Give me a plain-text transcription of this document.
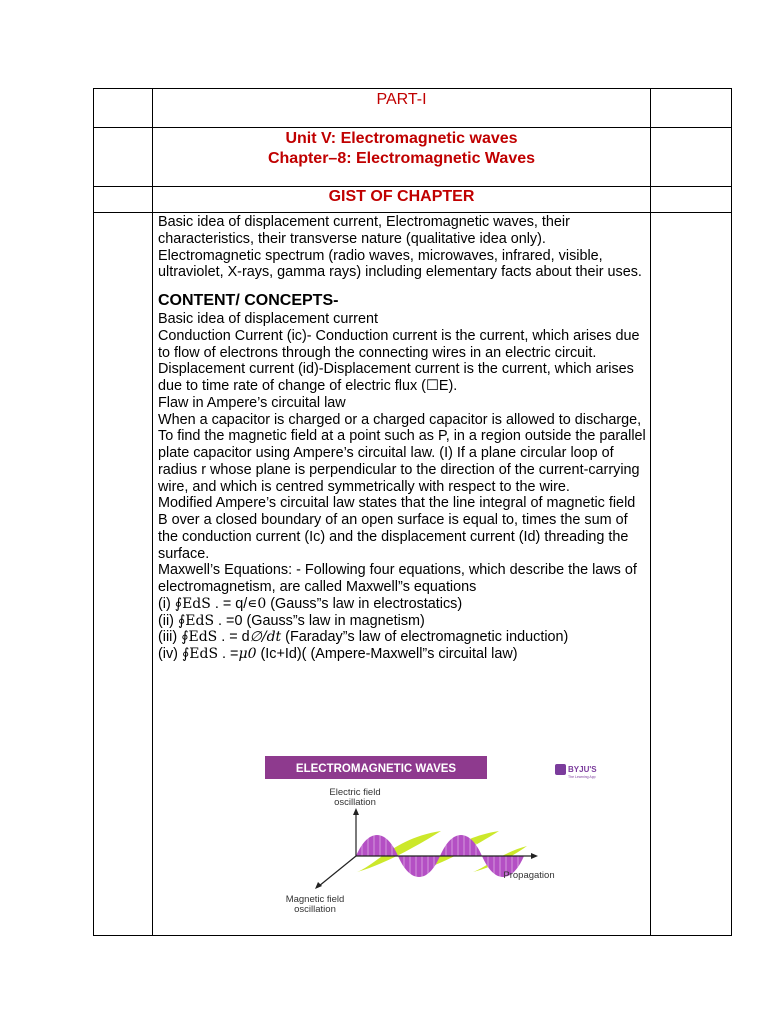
PART-I
Unit V: Electromagnetic waves
Chapter–8: Electromagnetic Waves
GIST OF CHAPTER

Basic idea of displacement current, Electromagnetic waves, their characteristics, their transverse nature (qualitative idea only). Electromagnetic spectrum (radio waves, microwaves, infrared, visible, ultraviolet, X-rays, gamma rays) including elementary facts about their uses.

CONTENT/ CONCEPTS-

Basic idea of displacement current

Conduction Current (ic)- Conduction current is the current, which arises due to flow of electrons through the connecting wires in an electric circuit. Displacement current (id)-Displacement current is the current, which arises due to time rate of change of electric flux (☐E).

Flaw in Ampere’s circuital law

When a capacitor is charged or a charged capacitor is allowed to discharge,

To find the magnetic field at a point such as P, in a region outside the parallel plate capacitor using Ampere’s circuital law. (I) If a plane circular loop of radius r whose plane is perpendicular to the direction of the current-carrying wire, and which is centred symmetrically with respect to the wire.

Modified Ampere’s circuital law states that the line integral of magnetic field B over a closed boundary of an open surface is equal to, times the sum of the conduction current (Ic) and the displacement current (Id) threading the surface.

Maxwell’s Equations: - Following four equations, which describe the laws of

electromagnetism, are called Maxwell”s equations

(i) ∮EdS . = q/∊0 (Gauss”s law in electrostatics)

(ii) ∮EdS . =0 (Gauss”s law in magnetism)

(iii) ∮EdS . = d∅/dt (Faraday”s law of electromagnetic induction)

(iv) ∮EdS . =μ0 (Ic+Id)( (Ampere-Maxwell”s circuital law)

ELECTROMAGNETIC WAVES	BYJU'S
The Learning App
Electric field
oscillation
Propagation
Magnetic field
oscillation
